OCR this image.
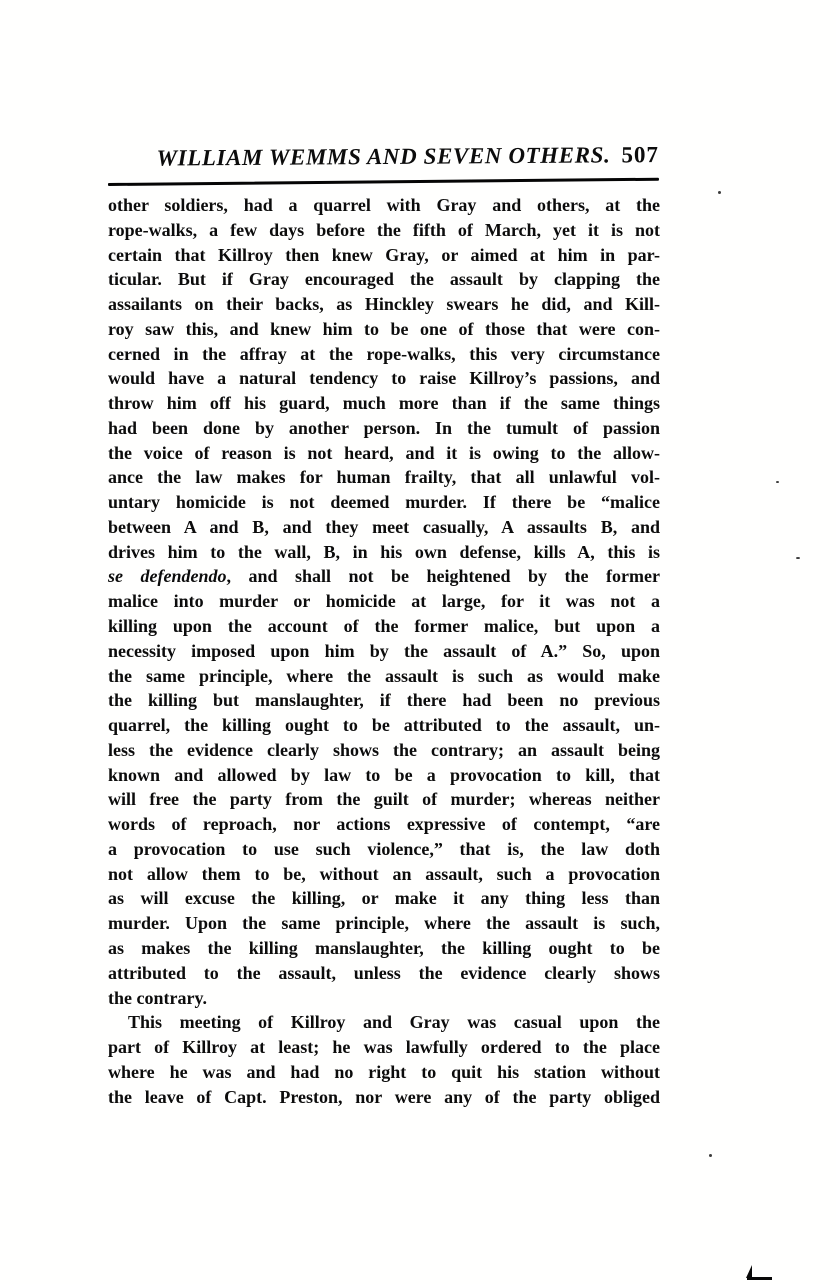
WILLIAM WEMMS AND SEVEN OTHERS. 507
other soldiers, had a quarrel with Gray and others, at the
rope-walks, a few days before the fifth of March, yet it is not
certain that Killroy then knew Gray, or aimed at him in par-
ticular. But if Gray encouraged the assault by clapping the
assailants on their backs, as Hinckley swears he did, and Kill-
roy saw this, and knew him to be one of those that were con-
cerned in the affray at the rope-walks, this very circumstance
would have a natural tendency to raise Killroy’s passions, and
throw him off his guard, much more than if the same things
had been done by another person. In the tumult of passion
the voice of reason is not heard, and it is owing to the allow-
ance the law makes for human frailty, that all unlawful vol-
untary homicide is not deemed murder. If there be “malice
between A and B, and they meet casually, A assaults B, and
drives him to the wall, B, in his own defense, kills A, this is
se defendendo, and shall not be heightened by the former
malice into murder or homicide at large, for it was not a
killing upon the account of the former malice, but upon a
necessity imposed upon him by the assault of A.” So, upon
the same principle, where the assault is such as would make
the killing but manslaughter, if there had been no previous
quarrel, the killing ought to be attributed to the assault, un-
less the evidence clearly shows the contrary; an assault being
known and allowed by law to be a provocation to kill, that
will free the party from the guilt of murder; whereas neither
words of reproach, nor actions expressive of contempt, “are
a provocation to use such violence,” that is, the law doth
not allow them to be, without an assault, such a provocation
as will excuse the killing, or make it any thing less than
murder. Upon the same principle, where the assault is such,
as makes the killing manslaughter, the killing ought to be
attributed to the assault, unless the evidence clearly shows
the contrary.
This meeting of Killroy and Gray was casual upon the
part of Killroy at least; he was lawfully ordered to the place
where he was and had no right to quit his station without
the leave of Capt. Preston, nor were any of the party obliged
